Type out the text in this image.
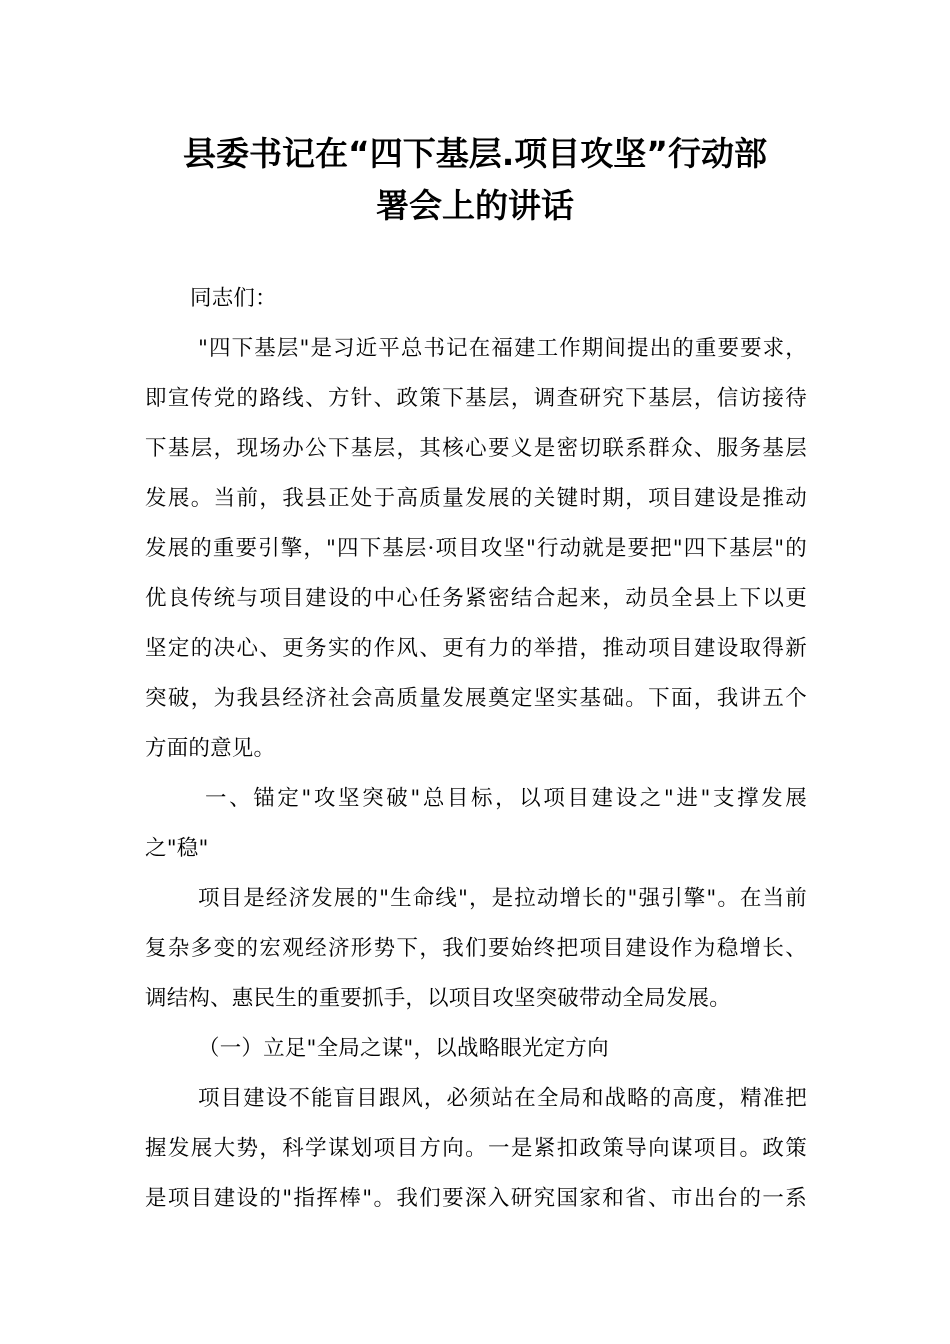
县委书记在“四下基层.项目攻坚”行动部
署会上的讲话
同志们：
"四下基层"是习近平总书记在福建工作期间提出的重要要求，
即宣传党的路线、方针、政策下基层，调查研究下基层，信访接待
下基层，现场办公下基层，其核心要义是密切联系群众、服务基层
发展。当前，我县正处于高质量发展的关键时期，项目建设是推动
发展的重要引擎，"四下基层·项目攻坚"行动就是要把"四下基层"的
优良传统与项目建设的中心任务紧密结合起来，动员全县上下以更
坚定的决心、更务实的作风、更有力的举措，推动项目建设取得新
突破，为我县经济社会高质量发展奠定坚实基础。下面，我讲五个
方面的意见。
一、锚定"攻坚突破"总目标，以项目建设之"进"支撑发展
之"稳"
项目是经济发展的"生命线"，是拉动增长的"强引擎"。在当前
复杂多变的宏观经济形势下，我们要始终把项目建设作为稳增长、
调结构、惠民生的重要抓手，以项目攻坚突破带动全局发展。
（一）立足"全局之谋"，以战略眼光定方向
项目建设不能盲目跟风，必须站在全局和战略的高度，精准把
握发展大势，科学谋划项目方向。一是紧扣政策导向谋项目。政策
是项目建设的"指挥棒"。我们要深入研究国家和省、市出台的一系
